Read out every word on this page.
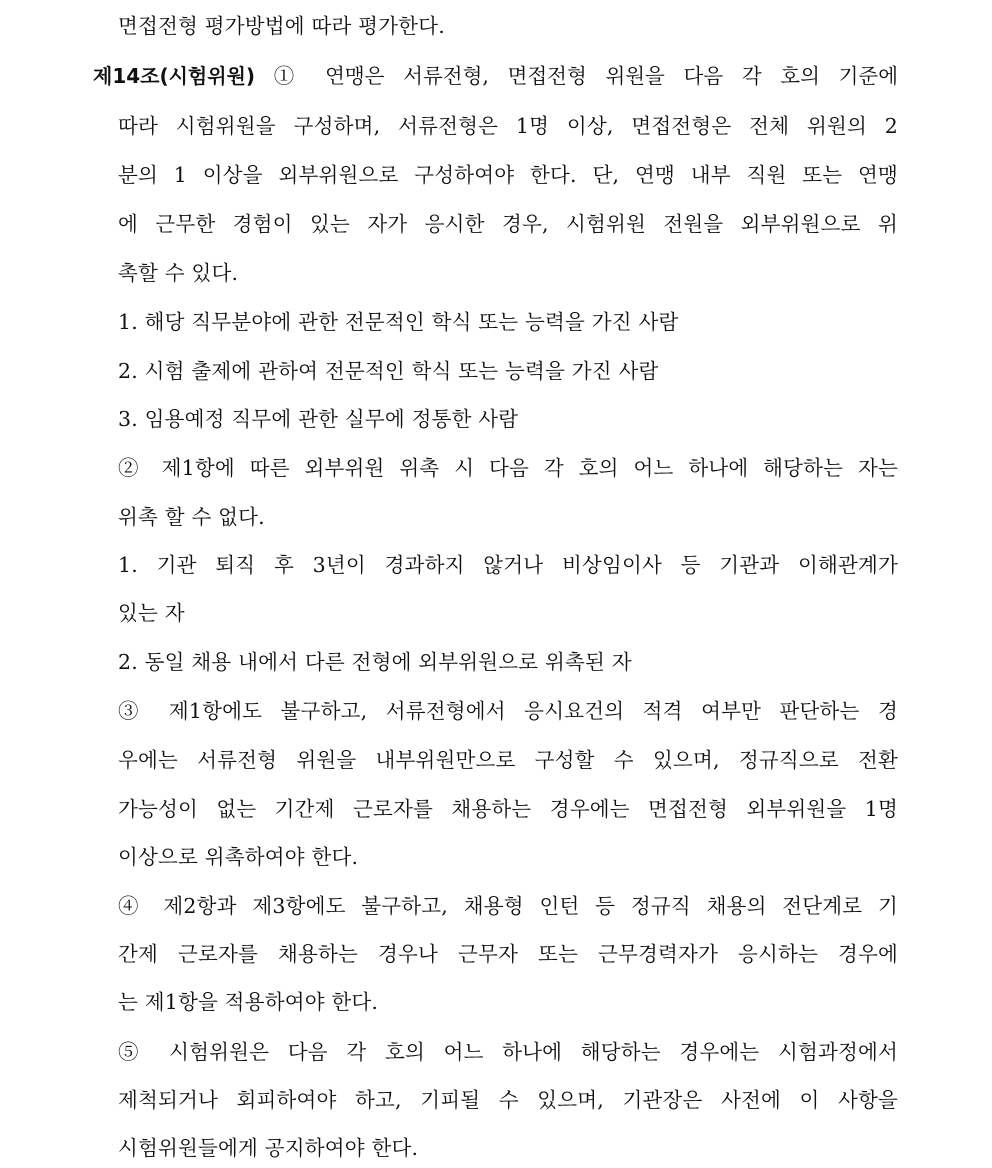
면접전형 평가방법에 따라 평가한다.
제14조(시험위원) ① 연맹은 서류전형, 면접전형 위원을 다음 각 호의 기준에
따라 시험위원을 구성하며, 서류전형은 1명 이상, 면접전형은 전체 위원의 2
분의 1 이상을 외부위원으로 구성하여야 한다. 단, 연맹 내부 직원 또는 연맹
에 근무한 경험이 있는 자가 응시한 경우, 시험위원 전원을 외부위원으로 위
촉할 수 있다.
1. 해당 직무분야에 관한 전문적인 학식 또는 능력을 가진 사람
2. 시험 출제에 관하여 전문적인 학식 또는 능력을 가진 사람
3. 임용예정 직무에 관한 실무에 정통한 사람
② 제1항에 따른 외부위원 위촉 시 다음 각 호의 어느 하나에 해당하는 자는
위촉 할 수 없다.
1. 기관 퇴직 후 3년이 경과하지 않거나 비상임이사 등 기관과 이해관계가
있는 자
2. 동일 채용 내에서 다른 전형에 외부위원으로 위촉된 자
③ 제1항에도 불구하고, 서류전형에서 응시요건의 적격 여부만 판단하는 경
우에는 서류전형 위원을 내부위원만으로 구성할 수 있으며, 정규직으로 전환
가능성이 없는 기간제 근로자를 채용하는 경우에는 면접전형 외부위원을 1명
이상으로 위촉하여야 한다.
④ 제2항과 제3항에도 불구하고, 채용형 인턴 등 정규직 채용의 전단계로 기
간제 근로자를 채용하는 경우나 근무자 또는 근무경력자가 응시하는 경우에
는 제1항을 적용하여야 한다.
⑤ 시험위원은 다음 각 호의 어느 하나에 해당하는 경우에는 시험과정에서
제척되거나 회피하여야 하고, 기피될 수 있으며, 기관장은 사전에 이 사항을
시험위원들에게 공지하여야 한다.
